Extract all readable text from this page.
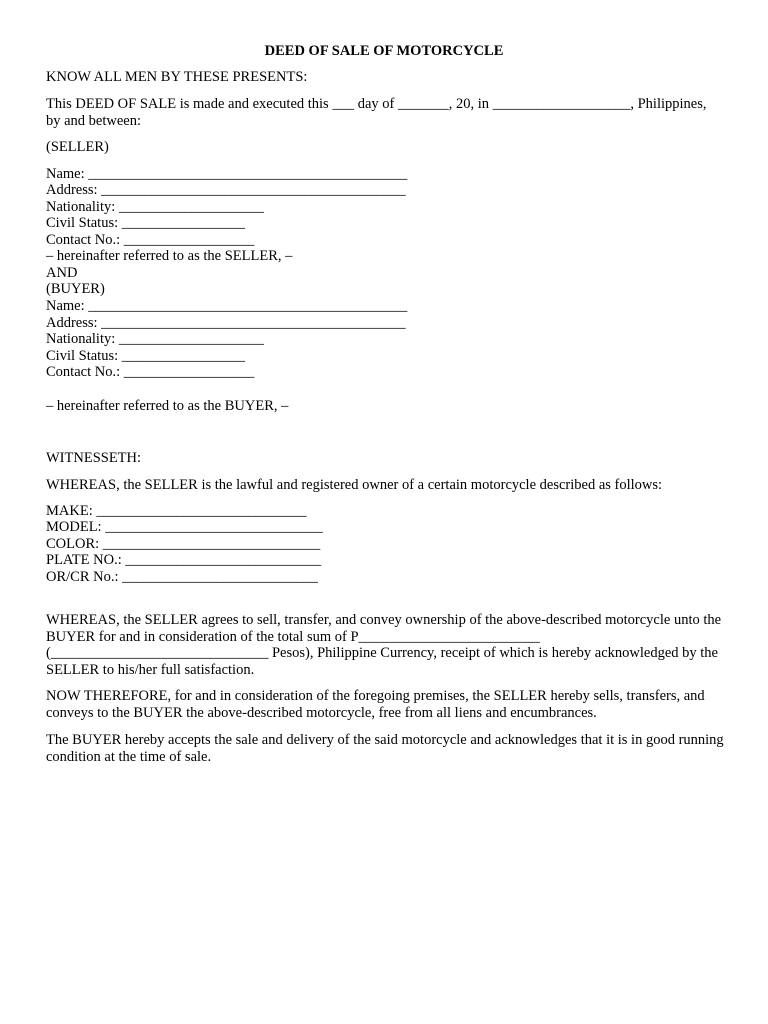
DEED OF SALE OF MOTORCYCLE
KNOW ALL MEN BY THESE PRESENTS:

This DEED OF SALE is made and executed this ___ day of _______, 20, in ___________________, Philippines, by and between:

(SELLER)
Name: ____________________________________________
Address: __________________________________________
Nationality: ____________________
Civil Status: _________________
Contact No.: __________________
– hereinafter referred to as the SELLER, –
AND
(BUYER)
Name: ____________________________________________
Address: __________________________________________
Nationality: ____________________
Civil Status: _________________
Contact No.: __________________
– hereinafter referred to as the BUYER, –
WITNESSETH:
WHEREAS, the SELLER is the lawful and registered owner of a certain motorcycle described as follows:
MAKE: _____________________________
MODEL: ______________________________
COLOR: ______________________________
PLATE NO.: ___________________________
OR/CR No.: ___________________________

WHEREAS, the SELLER agrees to sell, transfer, and convey ownership of the above-described motorcycle unto the BUYER for and in consideration of the total sum of P_________________________ (______________________________ Pesos), Philippine Currency, receipt of which is hereby acknowledged by the SELLER to his/her full satisfaction.

NOW THEREFORE, for and in consideration of the foregoing premises, the SELLER hereby sells, transfers, and conveys to the BUYER the above-described motorcycle, free from all liens and encumbrances.

The BUYER hereby accepts the sale and delivery of the said motorcycle and acknowledges that it is in good running condition at the time of sale.
